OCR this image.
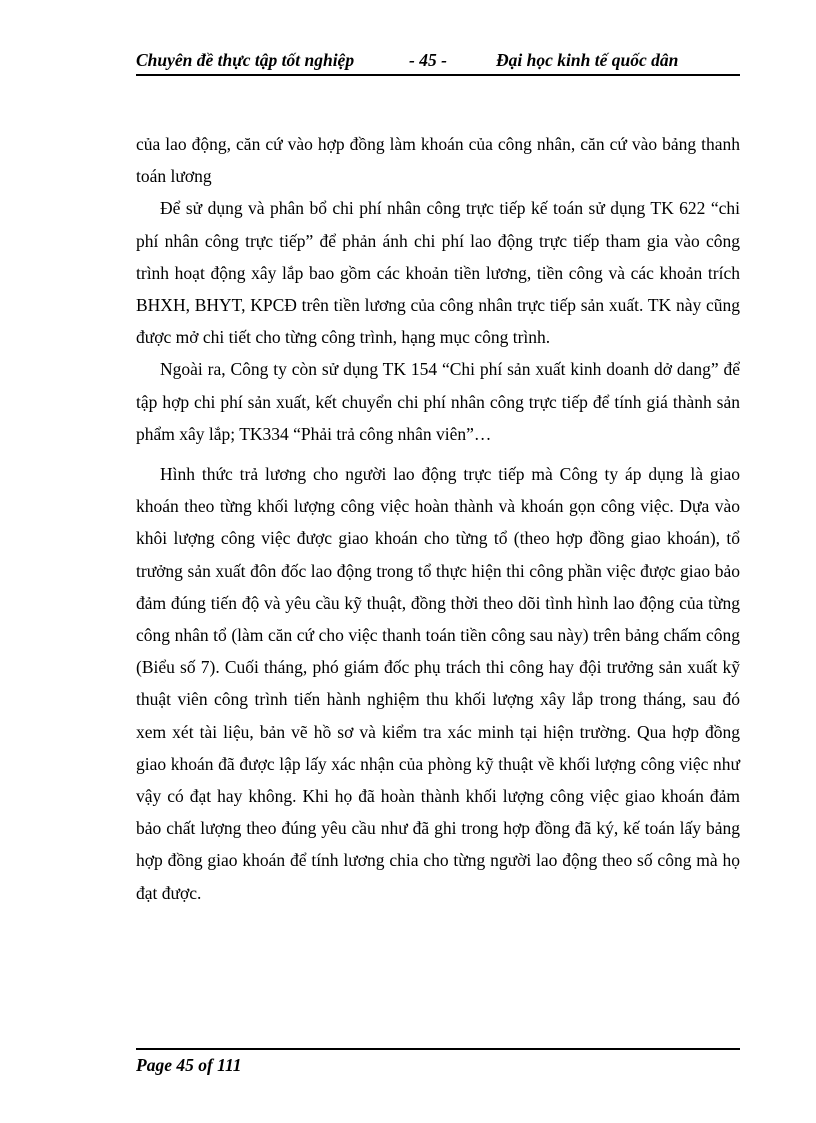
Chuyên đề thực tập tốt nghiệp	- 45 -	Đại học kinh tế quốc dân

của lao động, căn cứ vào hợp đồng làm khoán của công nhân, căn cứ vào bảng thanh toán lương

Để sử dụng và phân bổ chi phí nhân công trực tiếp kế toán sử dụng TK 622 “chi phí nhân công trực tiếp” để phản ánh chi phí lao động trực tiếp tham gia vào công trình hoạt động xây lắp bao gồm các khoản tiền lương, tiền công và các khoản trích BHXH, BHYT, KPCĐ trên tiền lương của công nhân trực tiếp sản xuất. TK này cũng được mở chi tiết cho từng công trình, hạng mục công trình.

Ngoài ra, Công ty còn sử dụng TK 154 “Chi phí sản xuất kinh doanh dở dang” để tập hợp chi phí sản xuất, kết chuyển chi phí nhân công trực tiếp để tính giá thành sản phẩm xây lắp; TK334 “Phải trả công nhân viên”…

Hình thức trả lương cho người lao động trực tiếp mà Công ty áp dụng là giao khoán theo từng khối lượng công việc hoàn thành và khoán gọn công việc. Dựa vào khôi lượng công việc được giao khoán cho từng tổ (theo hợp đồng giao khoán), tổ trưởng sản xuất đôn đốc lao động trong tổ thực hiện thi công phần việc được giao bảo đảm đúng tiến độ và yêu cầu kỹ thuật, đồng thời theo dõi tình hình lao động của từng công nhân tổ (làm căn cứ cho việc thanh toán tiền công sau này) trên bảng chấm công (Biểu số 7). Cuối tháng, phó giám đốc phụ trách thi công hay đội trưởng sản xuất kỹ thuật viên công trình tiến hành nghiệm thu khối lượng xây lắp trong tháng, sau đó xem xét tài liệu, bản vẽ hồ sơ và kiểm tra xác minh tại hiện trường. Qua hợp đồng giao khoán đã được lập lấy xác nhận của phòng kỹ thuật về khối lượng công việc như vậy có đạt hay không. Khi họ đã hoàn thành khối lượng công việc giao khoán đảm bảo chất lượng theo đúng yêu cầu như đã ghi trong hợp đồng đã ký, kế toán lấy bảng hợp đồng giao khoán để tính lương chia cho từng người lao động theo số công mà họ đạt được.

Page 45 of 111
